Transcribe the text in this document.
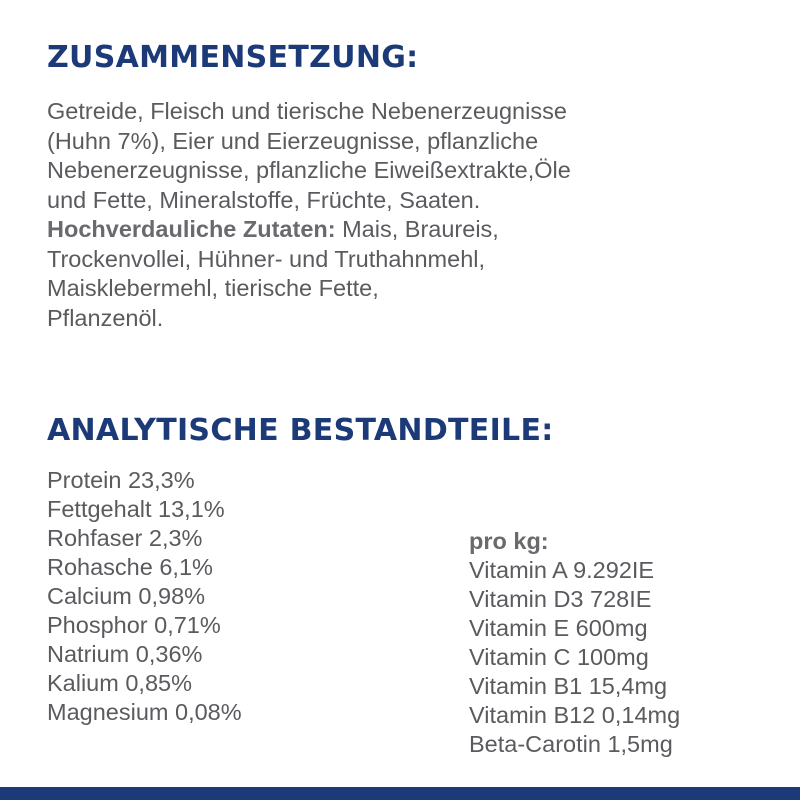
ZUSAMMENSETZUNG:

Getreide, Fleisch und tierische Nebenerzeugnisse

(Huhn 7%), Eier und Eierzeugnisse, pflanzliche

Nebenerzeugnisse, pflanzliche Eiweißextrakte,Öle

und Fette, Mineralstoffe, Früchte, Saaten.

Hochverdauliche Zutaten: Mais, Braureis,

Trockenvollei, Hühner- und Truthahnmehl,

Maisklebermehl, tierische Fette,

Pflanzenöl.

ANALYTISCHE BESTANDTEILE:
Protein 23,3%
Fettgehalt 13,1%
Rohfaser 2,3%
Rohasche 6,1%
Calcium 0,98%
Phosphor 0,71%
Natrium 0,36%
Kalium 0,85%
Magnesium 0,08%
pro kg:
Vitamin A 9.292IE
Vitamin D3 728IE
Vitamin E 600mg
Vitamin C 100mg
Vitamin B1 15,4mg
Vitamin B12 0,14mg
Beta-Carotin 1,5mg
